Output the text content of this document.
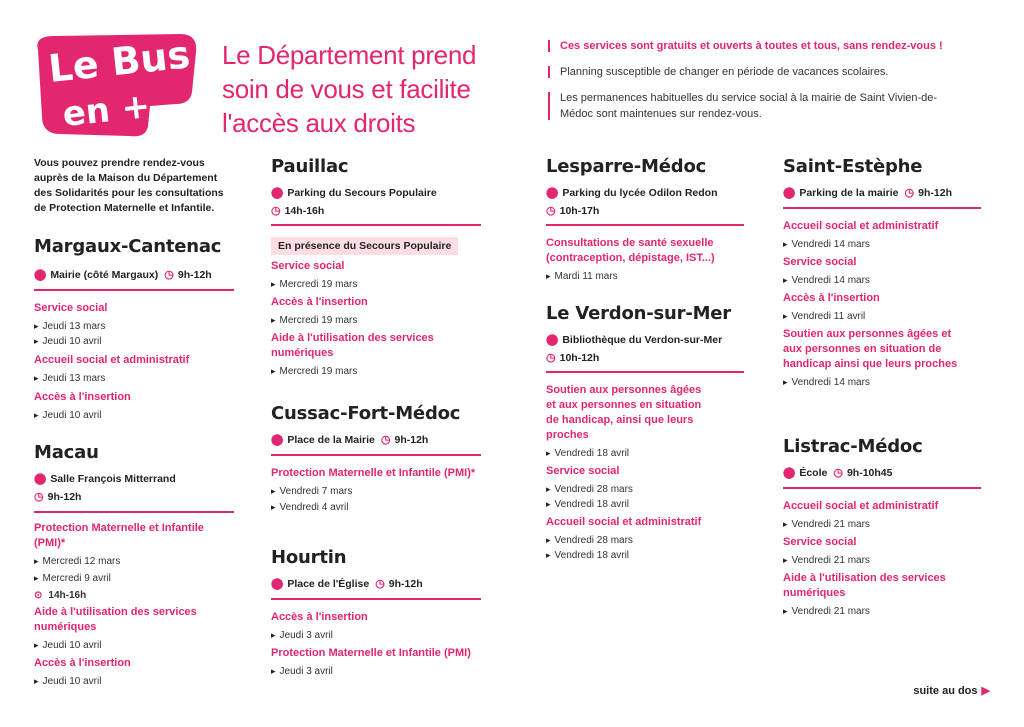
Le Bus
en +
Le Département prend
soin de vous et facilite
l'accès aux droits
Ces services sont gratuits et ouverts à toutes et tous, sans rendez-vous !
Planning susceptible de changer en période de vacances scolaires.
Les permanences habituelles du service social à la mairie de Saint Vivien-de-Médoc sont maintenues sur rendez-vous.
Vous pouvez prendre rendez-vous auprès de la Maison du Département des Solidarités pour les consultations de Protection Maternelle et Infantile.
Margaux-Cantenac
⬤ Mairie (côté Margaux) ◷ 9h-12h
Service social
▸ Jeudi 13 mars
▸ Jeudi 10 avril
Accueil social et administratif
▸ Jeudi 13 mars
Accès à l'insertion
▸ Jeudi 10 avril
Macau
⬤ Salle François Mitterrand
◷ 9h-12h
Protection Maternelle et Infantile (PMI)*
▸ Mercredi 12 mars
▸ Mercredi 9 avril
⊙ 14h-16h
Aide à l'utilisation des services numériques
▸ Jeudi 10 avril
Accès à l'insertion
▸ Jeudi 10 avril
Pauillac
⬤ Parking du Secours Populaire
◷ 14h-16h
En présence du Secours Populaire
Service social
▸ Mercredi 19 mars
Accès à l'insertion
▸ Mercredi 19 mars
Aide à l'utilisation des services numériques
▸ Mercredi 19 mars
Cussac-Fort-Médoc
⬤ Place de la Mairie ◷ 9h-12h
Protection Maternelle et Infantile (PMI)*
▸ Vendredi 7 mars
▸ Vendredi 4 avril
Hourtin
⬤ Place de l'Église ◷ 9h-12h
Accès à l'insertion
▸ Jeudi 3 avril
Protection Maternelle et Infantile (PMI)
▸ Jeudi 3 avril
Lesparre-Médoc
⬤ Parking du lycée Odilon Redon
◷ 10h-17h
Consultations de santé sexuelle (contraception, dépistage, IST...)
▸ Mardi 11 mars
Le Verdon-sur-Mer
⬤ Bibliothèque du Verdon-sur-Mer
◷ 10h-12h
Soutien aux personnes âgées et aux personnes en situation de handicap, ainsi que leurs proches
▸ Vendredi 18 avril
Service social
▸ Vendredi 28 mars
▸ Vendredi 18 avril
Accueil social et administratif
▸ Vendredi 28 mars
▸ Vendredi 18 avril
Saint-Estèphe
⬤ Parking de la mairie ◷ 9h-12h
Accueil social et administratif
▸ Vendredi 14 mars
Service social
▸ Vendredi 14 mars
Accès à l'insertion
▸ Vendredi 11 avril
Soutien aux personnes âgées et aux personnes en situation de handicap ainsi que leurs proches
▸ Vendredi 14 mars
Listrac-Médoc
⬤ École ◷ 9h-10h45
Accueil social et administratif
▸ Vendredi 21 mars
Service social
▸ Vendredi 21 mars
Aide à l'utilisation des services numériques
▸ Vendredi 21 mars
suite au dos ▶
